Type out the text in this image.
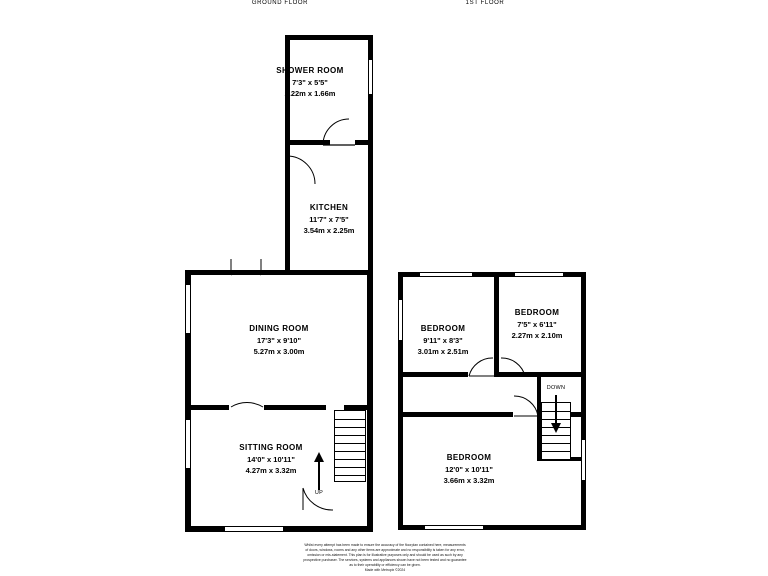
GROUND FLOOR	1ST FLOOR
UP
SHOWER ROOM
7'3" x 5'5"
2.22m x 1.66m
KITCHEN
11'7" x 7'5"
3.54m x 2.25m
DINING ROOM
17'3" x 9'10"
5.27m x 3.00m
SITTING ROOM
14'0" x 10'11"
4.27m x 3.32m
DOWN
BEDROOM
9'11" x 8'3"
3.01m x 2.51m
BEDROOM
7'5" x 6'11"
2.27m x 2.10m
BEDROOM
12'0" x 10'11"
3.66m x 3.32m
Whilst every attempt has been made to ensure the accuracy of the floorplan contained here, measurements
of doors, windows, rooms and any other items are approximate and no responsibility is taken for any error,
omission or mis-statement. This plan is for illustrative purposes only and should be used as such by any
prospective purchaser. The services, systems and appliances shown have not been tested and no guarantee
as to their operability or efficiency can be given.
Made with Metropix ©2024
